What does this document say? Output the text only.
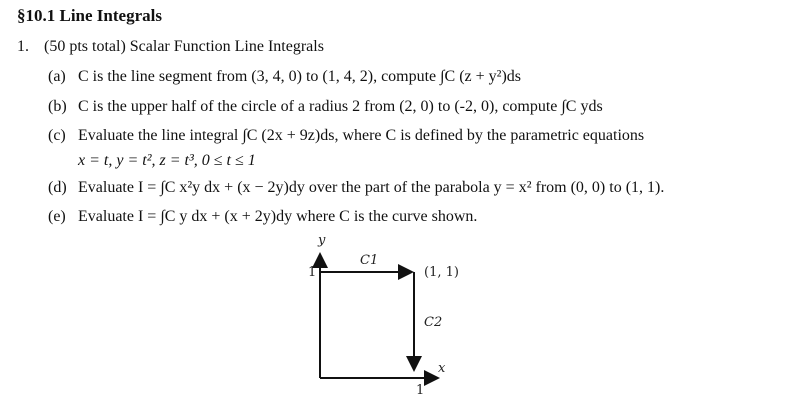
§10.1 Line Integrals
1. (50 pts total) Scalar Function Line Integrals
(a) C is the line segment from (3, 4, 0) to (1, 4, 2), compute ∫C (z + y²)ds
(b) C is the upper half of the circle of a radius 2 from (2, 0) to (-2, 0), compute ∫C yds
(c) Evaluate the line integral ∫C (2x + 9z)ds, where C is defined by the parametric equations
x = t, y = t², z = t³, 0 ≤ t ≤ 1
(d) Evaluate I = ∫C x²y dx + (x − 2y)dy over the part of the parabola y = x² from (0, 0) to (1, 1).
(e) Evaluate I = ∫C y dx + (x + 2y)dy where C is the curve shown.
y
x
1
1
C1
C2
(1, 1)
